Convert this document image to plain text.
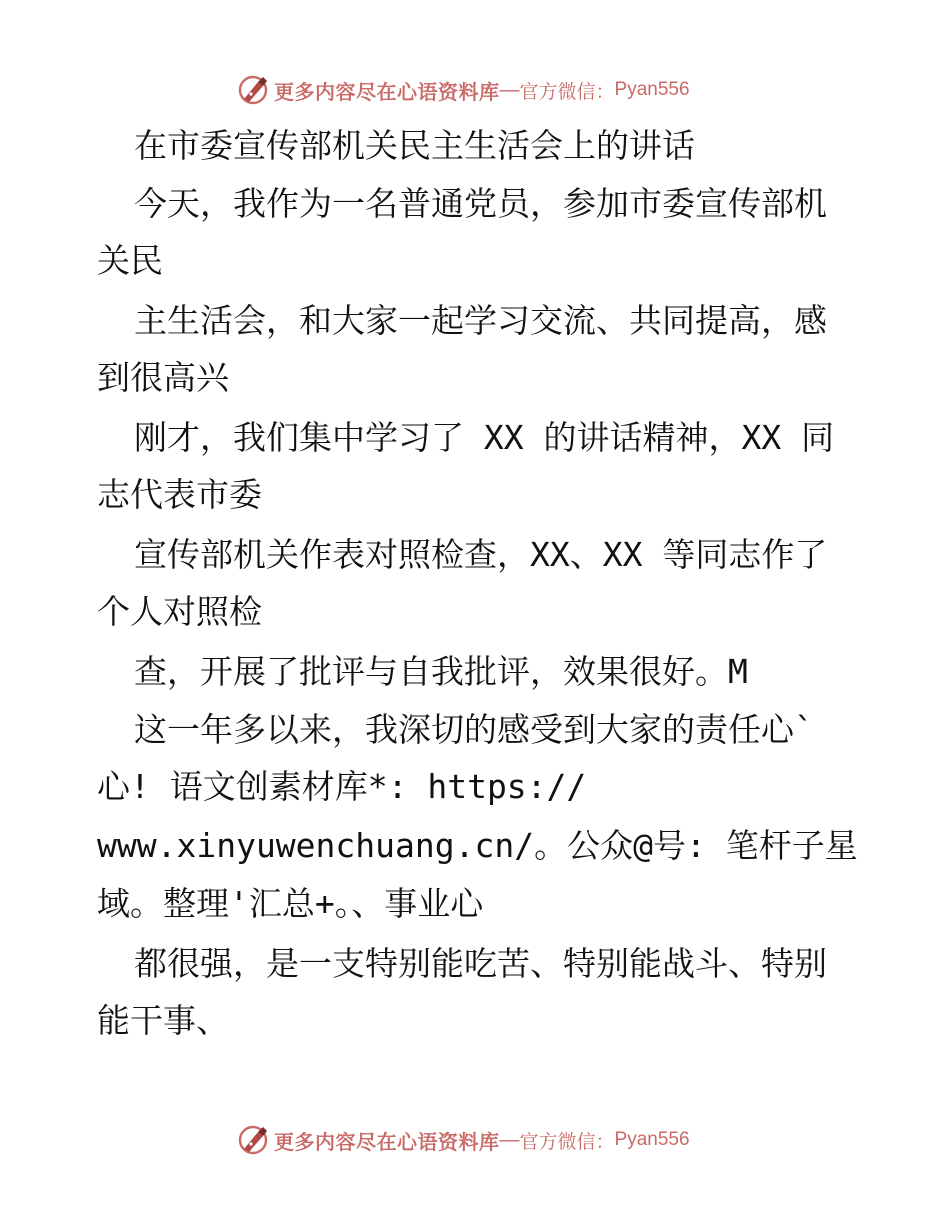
更多内容尽在心语资料库 — 官方微信： Pyan556
在市委宣传部机关民主生活会上的讲话
今天，我作为一名普通党员，参加市委宣传部机
关民
主生活会，和大家一起学习交流、共同提高，感
到很高兴
刚才，我们集中学习了 XX 的讲话精神，XX 同
志代表市委
宣传部机关作表对照检查，XX、XX 等同志作了
个人对照检
查，开展了批评与自我批评，效果很好。M
这一年多以来，我深切的感受到大家的责任心`
心! 语文创素材库*: https://
www.xinyuwenchuang.cn/。公众@号: 笔杆子星
域。整理'汇总+。、事业心
都很强，是一支特别能吃苦、特别能战斗、特别
能干事、
更多内容尽在心语资料库 — 官方微信： Pyan556
